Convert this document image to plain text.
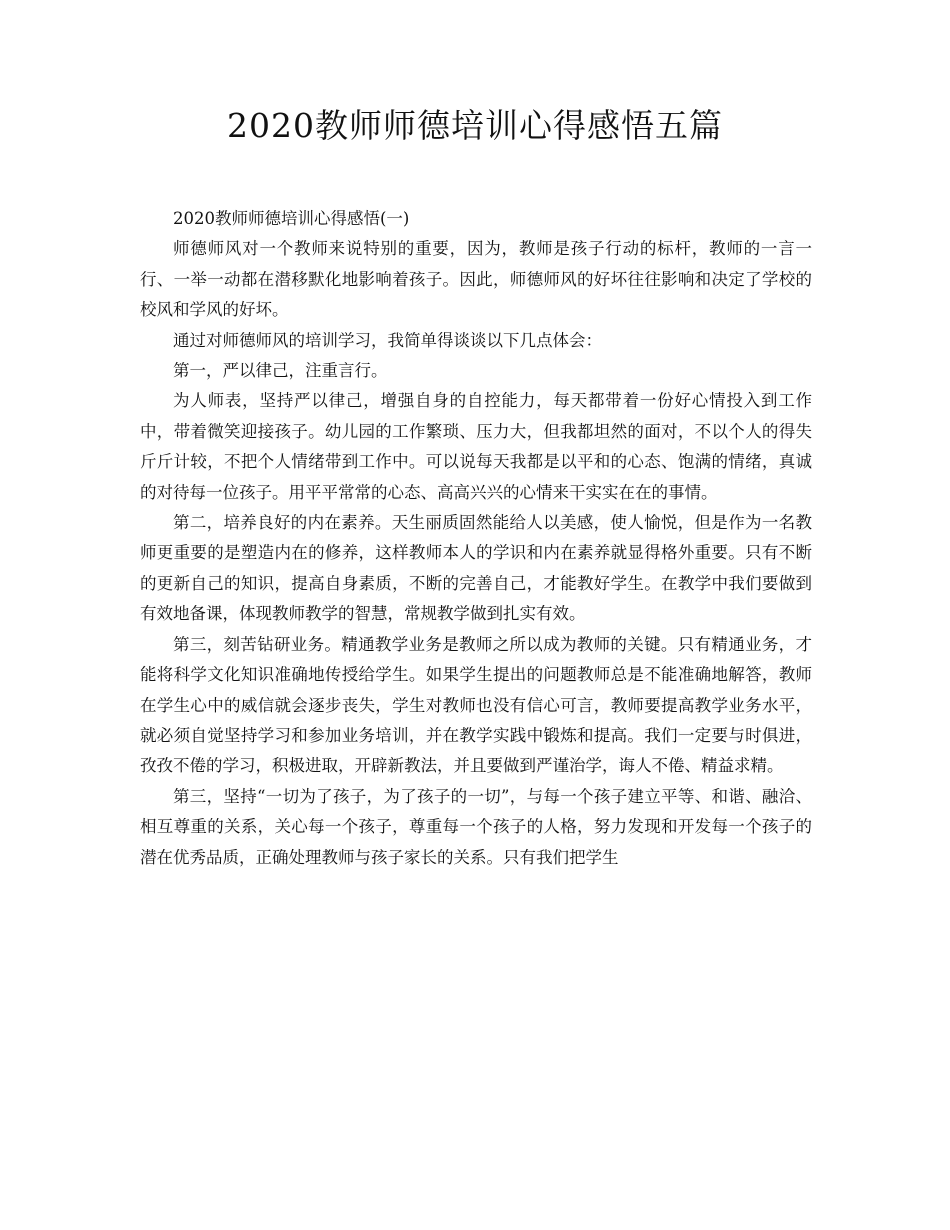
2020教师师德培训心得感悟五篇

2020教师师德培训心得感悟(一)

师德师风对一个教师来说特别的重要，因为，教师是孩子行动的标杆，教师的一言一行、一举一动都在潜移默化地影响着孩子。因此，师德师风的好坏往往影响和决定了学校的校风和学风的好坏。

通过对师德师风的培训学习，我简单得谈谈以下几点体会：

第一，严以律己，注重言行。

为人师表，坚持严以律己，增强自身的自控能力，每天都带着一份好心情投入到工作中，带着微笑迎接孩子。幼儿园的工作繁琐、压力大，但我都坦然的面对，不以个人的得失斤斤计较，不把个人情绪带到工作中。可以说每天我都是以平和的心态、饱满的情绪，真诚的对待每一位孩子。用平平常常的心态、高高兴兴的心情来干实实在在的事情。

第二，培养良好的内在素养。天生丽质固然能给人以美感，使人愉悦，但是作为一名教师更重要的是塑造内在的修养，这样教师本人的学识和内在素养就显得格外重要。只有不断的更新自己的知识，提高自身素质，不断的完善自己，才能教好学生。在教学中我们要做到有效地备课，体现教师教学的智慧，常规教学做到扎实有效。

第三，刻苦钻研业务。精通教学业务是教师之所以成为教师的关键。只有精通业务，才能将科学文化知识准确地传授给学生。如果学生提出的问题教师总是不能准确地解答，教师在学生心中的威信就会逐步丧失，学生对教师也没有信心可言，教师要提高教学业务水平，就必须自觉坚持学习和参加业务培训，并在教学实践中锻炼和提高。我们一定要与时俱进，孜孜不倦的学习，积极进取，开辟新教法，并且要做到严谨治学，诲人不倦、精益求精。

第三，坚持“一切为了孩子，为了孩子的一切”，与每一个孩子建立平等、和谐、融洽、相互尊重的关系，关心每一个孩子，尊重每一个孩子的人格，努力发现和开发每一个孩子的潜在优秀品质，正确处理教师与孩子家长的关系。只有我们把学生
